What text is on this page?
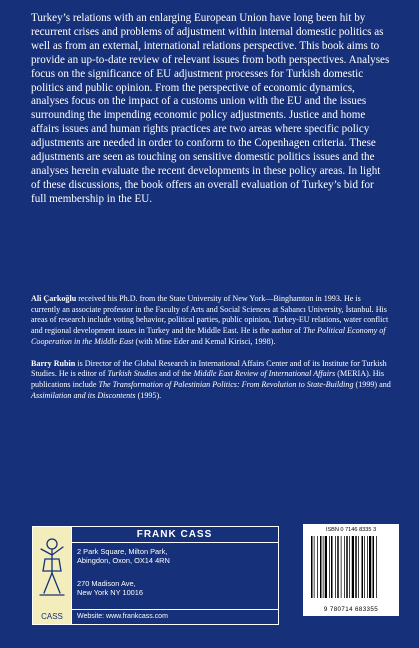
Turkey’s relations with an enlarging European Union have long been hit by recurrent crises and problems of adjustment within internal domestic politics as well as from an external, international relations perspective. This book aims to provide an up-to-date review of relevant issues from both perspectives. Analyses focus on the significance of EU adjustment processes for Turkish domestic politics and public opinion. From the perspective of economic dynamics, analyses focus on the impact of a customs union with the EU and the issues surrounding the impending economic policy adjustments. Justice and home affairs issues and human rights practices are two areas where specific policy adjustments are needed in order to conform to the Copenhagen criteria. These adjustments are seen as touching on sensitive domestic politics issues and the analyses herein evaluate the recent developments in these policy areas. In light of these discussions, the book offers an overall evaluation of Turkey’s bid for full membership in the EU.

Ali Çarkoğlu received his Ph.D. from the State University of New York—Binghamton in 1993. He is currently an associate professor in the Faculty of Arts and Social Sciences at Sabancı University, İstanbul. His areas of research include voting behavior, political parties, public opinion, Turkey-EU relations, water conflict and regional development issues in Turkey and the Middle East. He is the author of The Political Economy of Cooperation in the Middle East (with Mine Eder and Kemal Kirisci, 1998).

Barry Rubin is Director of the Global Research in International Affairs Center and of its Institute for Turkish Studies. He is editor of Turkish Studies and of the Middle East Review of International Affairs (MERIA). His publications include The Transformation of Palestinian Politics: From Revolution to State-Building (1999) and Assimilation and its Discontents (1995).

CASS
FRANK CASS
2 Park Square, Milton Park,
Abingdon, Oxon, OX14 4RN
270 Madison Ave,
New York NY 10016
Website: www.frankcass.com
ISBN 0 7146 8335 3
9 780714 683355
